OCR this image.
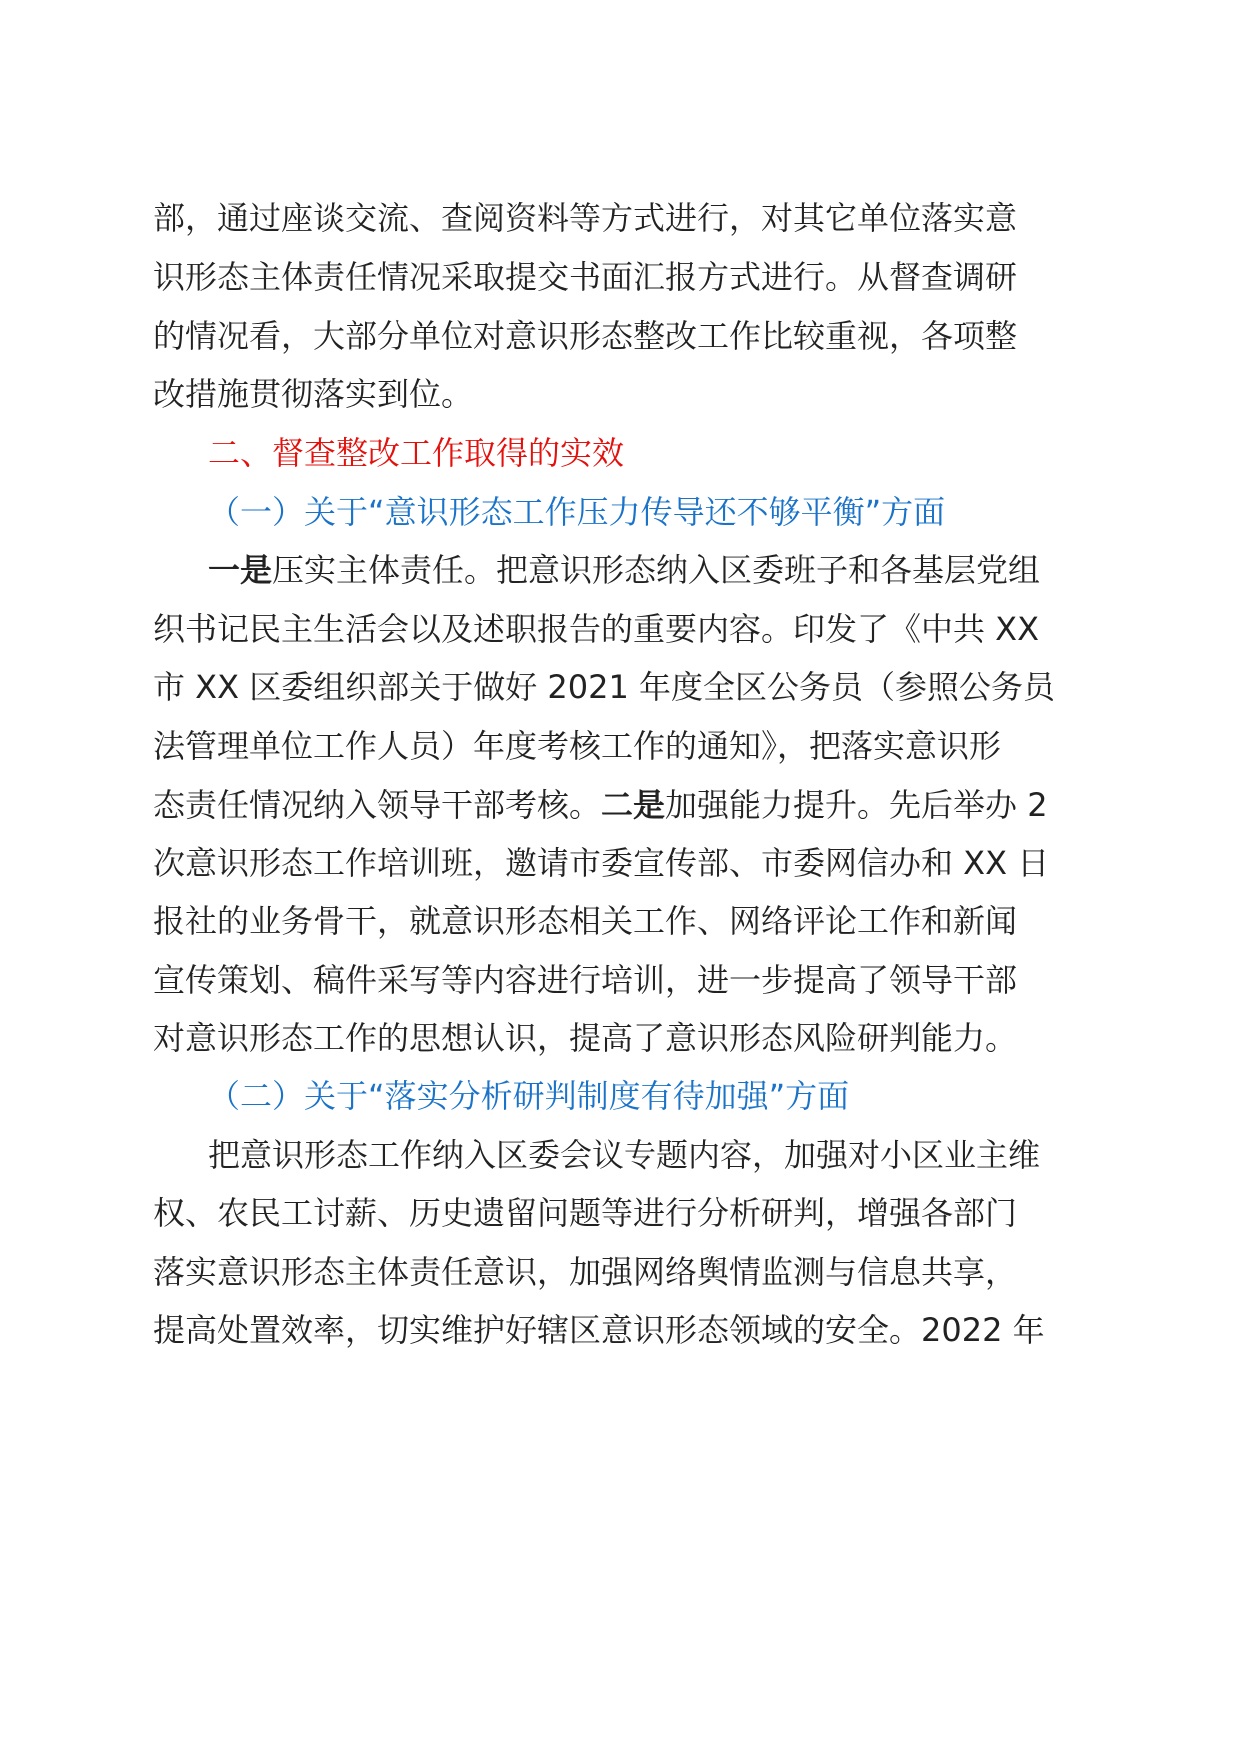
部，通过座谈交流、查阅资料等方式进行，对其它单位落实意
识形态主体责任情况采取提交书面汇报方式进行。从督查调研
的情况看，大部分单位对意识形态整改工作比较重视，各项整
改措施贯彻落实到位。
二、督查整改工作取得的实效
（一）关于“意识形态工作压力传导还不够平衡”方面
一是压实主体责任。把意识形态纳入区委班子和各基层党组
织书记民主生活会以及述职报告的重要内容。印发了《中共 XX
市 XX 区委组织部关于做好 2021 年度全区公务员（参照公务员
法管理单位工作人员）年度考核工作的通知》，把落实意识形
态责任情况纳入领导干部考核。二是加强能力提升。先后举办 2
次意识形态工作培训班，邀请市委宣传部、市委网信办和 XX 日
报社的业务骨干，就意识形态相关工作、网络评论工作和新闻
宣传策划、稿件采写等内容进行培训，进一步提高了领导干部
对意识形态工作的思想认识，提高了意识形态风险研判能力。
（二）关于“落实分析研判制度有待加强”方面
把意识形态工作纳入区委会议专题内容，加强对小区业主维
权、农民工讨薪、历史遗留问题等进行分析研判，增强各部门
落实意识形态主体责任意识，加强网络舆情监测与信息共享，
提高处置效率，切实维护好辖区意识形态领域的安全。2022 年
